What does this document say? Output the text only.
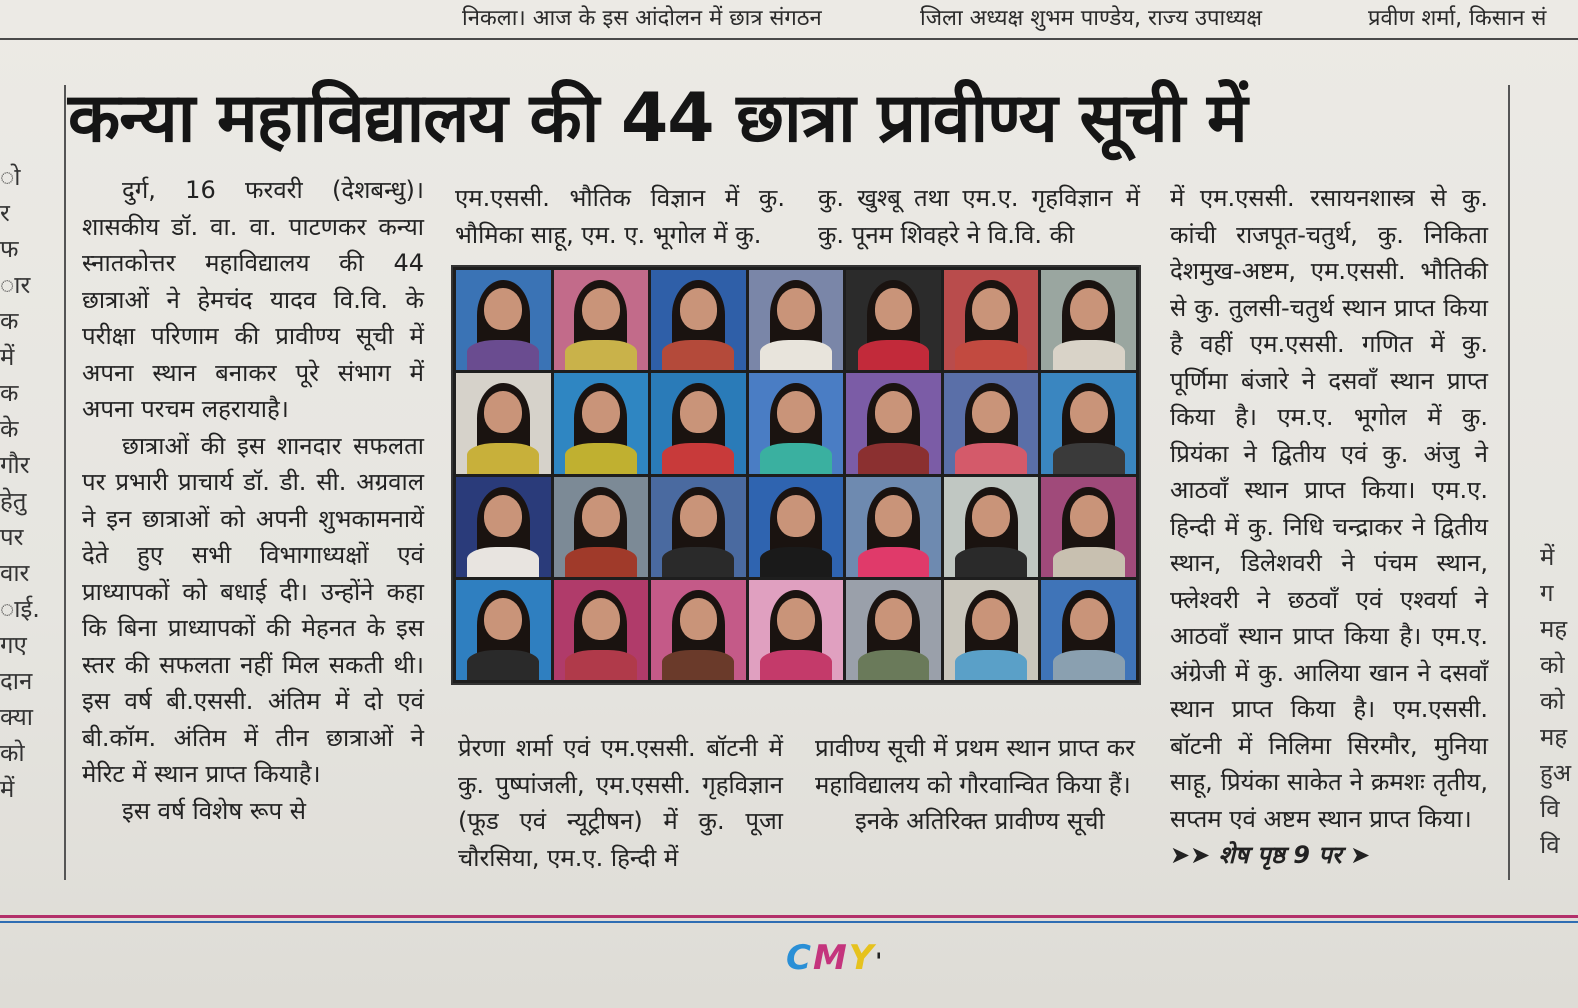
निकला। आज के इस आंदोलन में छात्र संगठन	जिला अध्यक्ष शुभम पाण्डेय, राज्य उपाध्यक्ष	प्रवीण शर्मा, किसान सं
कन्या महाविद्यालय की 44 छात्रा प्रावीण्य सूची में
ो
र
फ
ार
क
में
क
के
गौर
हेतु
पर
वार
ाई.
गए
दान
क्या
को
में
में
ग
मह
को
को
मह
हुअ
वि
वि

दुर्ग, 16 फरवरी (देशबन्धु)। शासकीय डॉ. वा. वा. पाटणकर कन्या स्नातकोत्तर महाविद्यालय की 44 छात्राओं ने हेमचंद यादव वि.वि. के परीक्षा परिणाम की प्रावीण्य सूची में अपना स्थान बनाकर पूरे संभाग में अपना परचम लहरायाहै।

छात्राओं की इस शानदार सफलता पर प्रभारी प्राचार्य डॉ. डी. सी. अग्रवाल ने इन छात्राओं को अपनी शुभकामनायें देते हुए सभी विभागाध्यक्षों एवं प्राध्यापकों को बधाई दी। उन्होंने कहा कि बिना प्राध्यापकों की मेहनत के इस स्तर की सफलता नहीं मिल सकती थी। इस वर्ष बी.एससी. अंतिम में दो एवं बी.कॉम. अंतिम में तीन छात्राओं ने मेरिट में स्थान प्राप्त कियाहै।

इस वर्ष विशेष रूप से

एम.एससी. भौतिक विज्ञान में कु. भौमिका साहू, एम. ए. भूगोल में कु.

कु. खुश्बू तथा एम.ए. गृहविज्ञान में कु. पूनम शिवहरे ने वि.वि. की

प्रेरणा शर्मा एवं एम.एससी. बॉटनी में कु. पुष्पांजली, एम.एससी. गृहविज्ञान (फूड एवं न्यूट्रीषन) में कु. पूजा चौरसिया, एम.ए. हिन्दी में

प्रावीण्य सूची में प्रथम स्थान प्राप्त कर महाविद्यालय को गौरवान्वित किया हैं।

इनके अतिरिक्त प्रावीण्य सूची

में एम.एससी. रसायनशास्त्र से कु. कांची राजपूत-चतुर्थ, कु. निकिता देशमुख-अष्टम, एम.एससी. भौतिकी से कु. तुलसी-चतुर्थ स्थान प्राप्त किया है वहीं एम.एससी. गणित में कु. पूर्णिमा बंजारे ने दसवाँ स्थान प्राप्त किया है। एम.ए. भूगोल में कु. प्रियंका ने द्वितीय एवं कु. अंजु ने आठवाँ स्थान प्राप्त किया। एम.ए. हिन्दी में कु. निधि चन्द्राकर ने द्वितीय स्थान, डिलेशवरी ने पंचम स्थान, फ्लेश्वरी ने छठवाँ एवं एश्वर्या ने आठवाँ स्थान प्राप्त किया है। एम.ए. अंग्रेजी में कु. आलिया खान ने दसवाँ स्थान प्राप्त किया है। एम.एससी. बॉटनी में निलिमा सिरमौर, मुनिया साहू, प्रियंका साकेत ने क्रमशः तृतीय, सप्तम एवं अष्टम स्थान प्राप्त किया।

➤➤ शेष पृष्ठ 9 पर ➤

CMY'
